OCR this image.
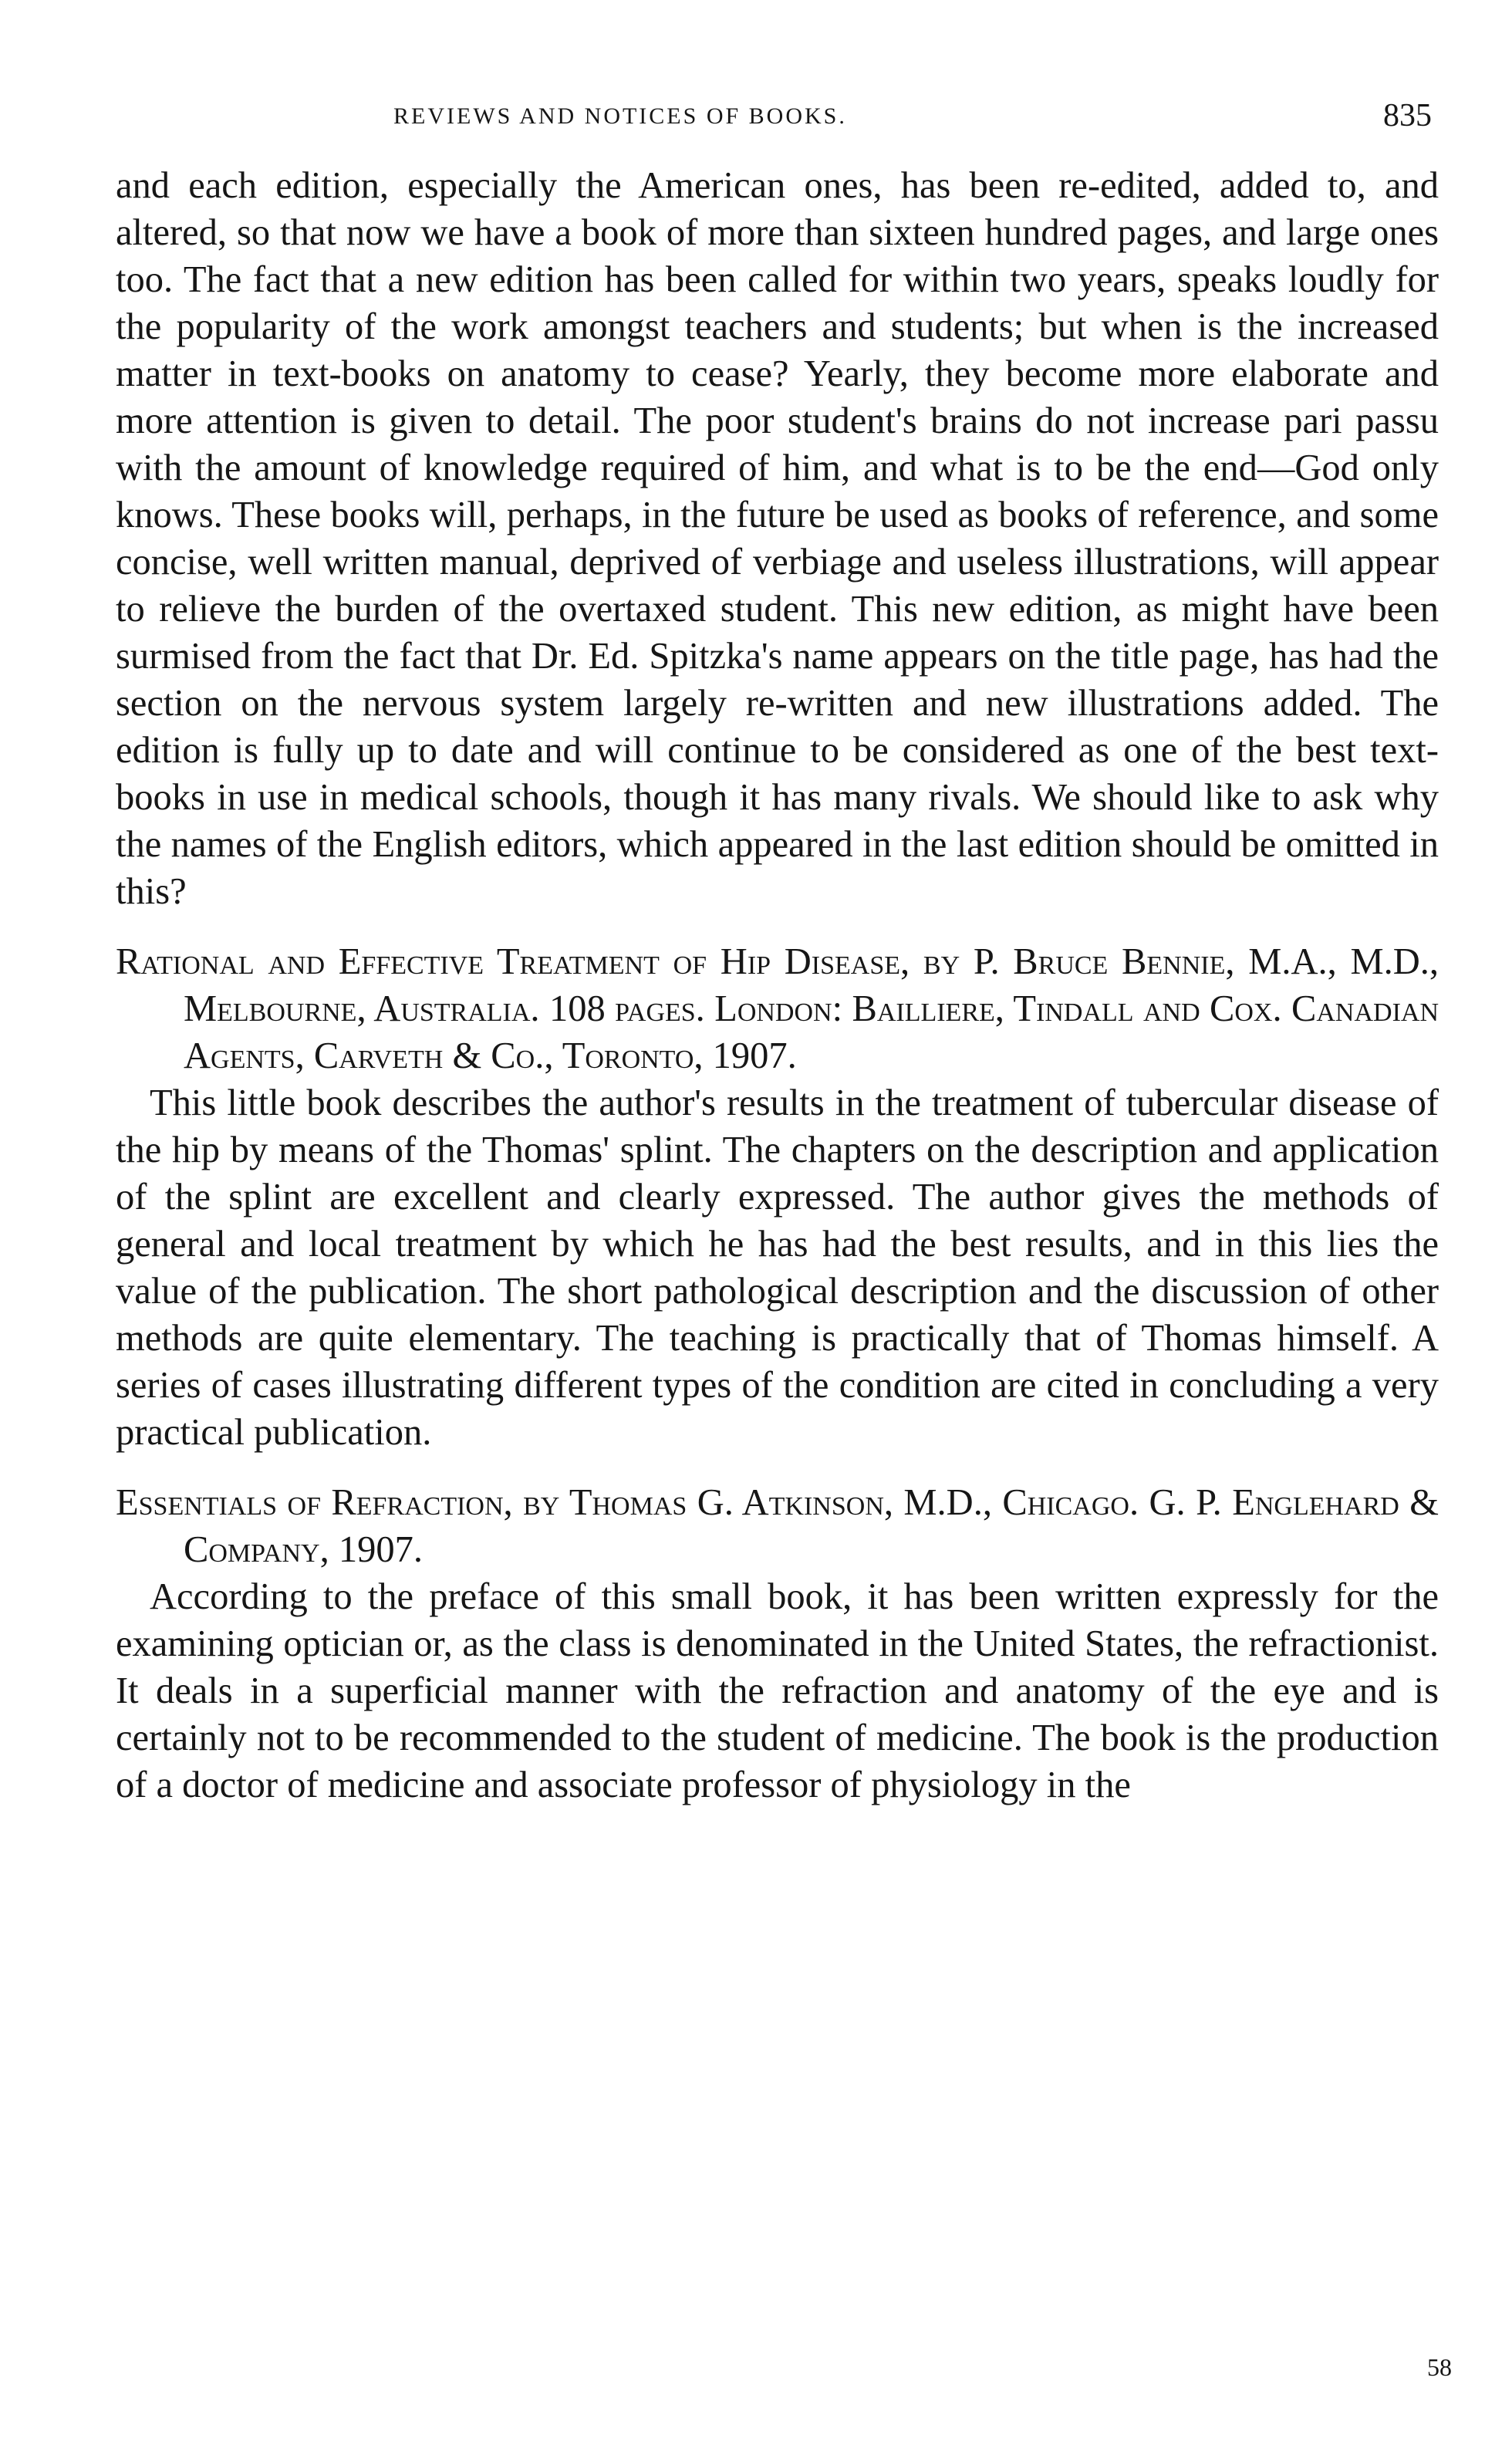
REVIEWS AND NOTICES OF BOOKS.	835

and each edition, especially the American ones, has been re-edited, added to, and altered, so that now we have a book of more than sixteen hundred pages, and large ones too. The fact that a new edition has been called for within two years, speaks loudly for the popularity of the work amongst teachers and students; but when is the increased matter in text-books on anatomy to cease? Yearly, they become more elaborate and more attention is given to detail. The poor student's brains do not increase pari passu with the amount of knowledge required of him, and what is to be the end—God only knows. These books will, perhaps, in the future be used as books of reference, and some concise, well written manual, deprived of verbiage and useless illustrations, will appear to relieve the burden of the overtaxed student. This new edition, as might have been surmised from the fact that Dr. Ed. Spitzka's name appears on the title page, has had the section on the nervous system largely re-written and new illustrations added. The edition is fully up to date and will continue to be considered as one of the best text-books in use in medical schools, though it has many rivals. We should like to ask why the names of the English editors, which appeared in the last edition should be omitted in this?

Rational and Effective Treatment of Hip Disease, by P. Bruce Bennie, M.A., M.D., Melbourne, Australia. 108 pages. London: Bailliere, Tindall and Cox. Canadian Agents, Carveth & Co., Toronto, 1907.

This little book describes the author's results in the treatment of tubercular disease of the hip by means of the Thomas' splint. The chapters on the description and application of the splint are excellent and clearly expressed. The author gives the methods of general and local treatment by which he has had the best results, and in this lies the value of the publication. The short pathological description and the discussion of other methods are quite elementary. The teaching is practically that of Thomas himself. A series of cases illustrating different types of the condition are cited in concluding a very practical publication.

Essentials of Refraction, by Thomas G. Atkinson, M.D., Chicago. G. P. Englehard & Company, 1907.

According to the preface of this small book, it has been written expressly for the examining optician or, as the class is denominated in the United States, the refractionist. It deals in a superficial manner with the refraction and anatomy of the eye and is certainly not to be recommended to the student of medicine. The book is the production of a doctor of medicine and associate professor of physiology in the

58
